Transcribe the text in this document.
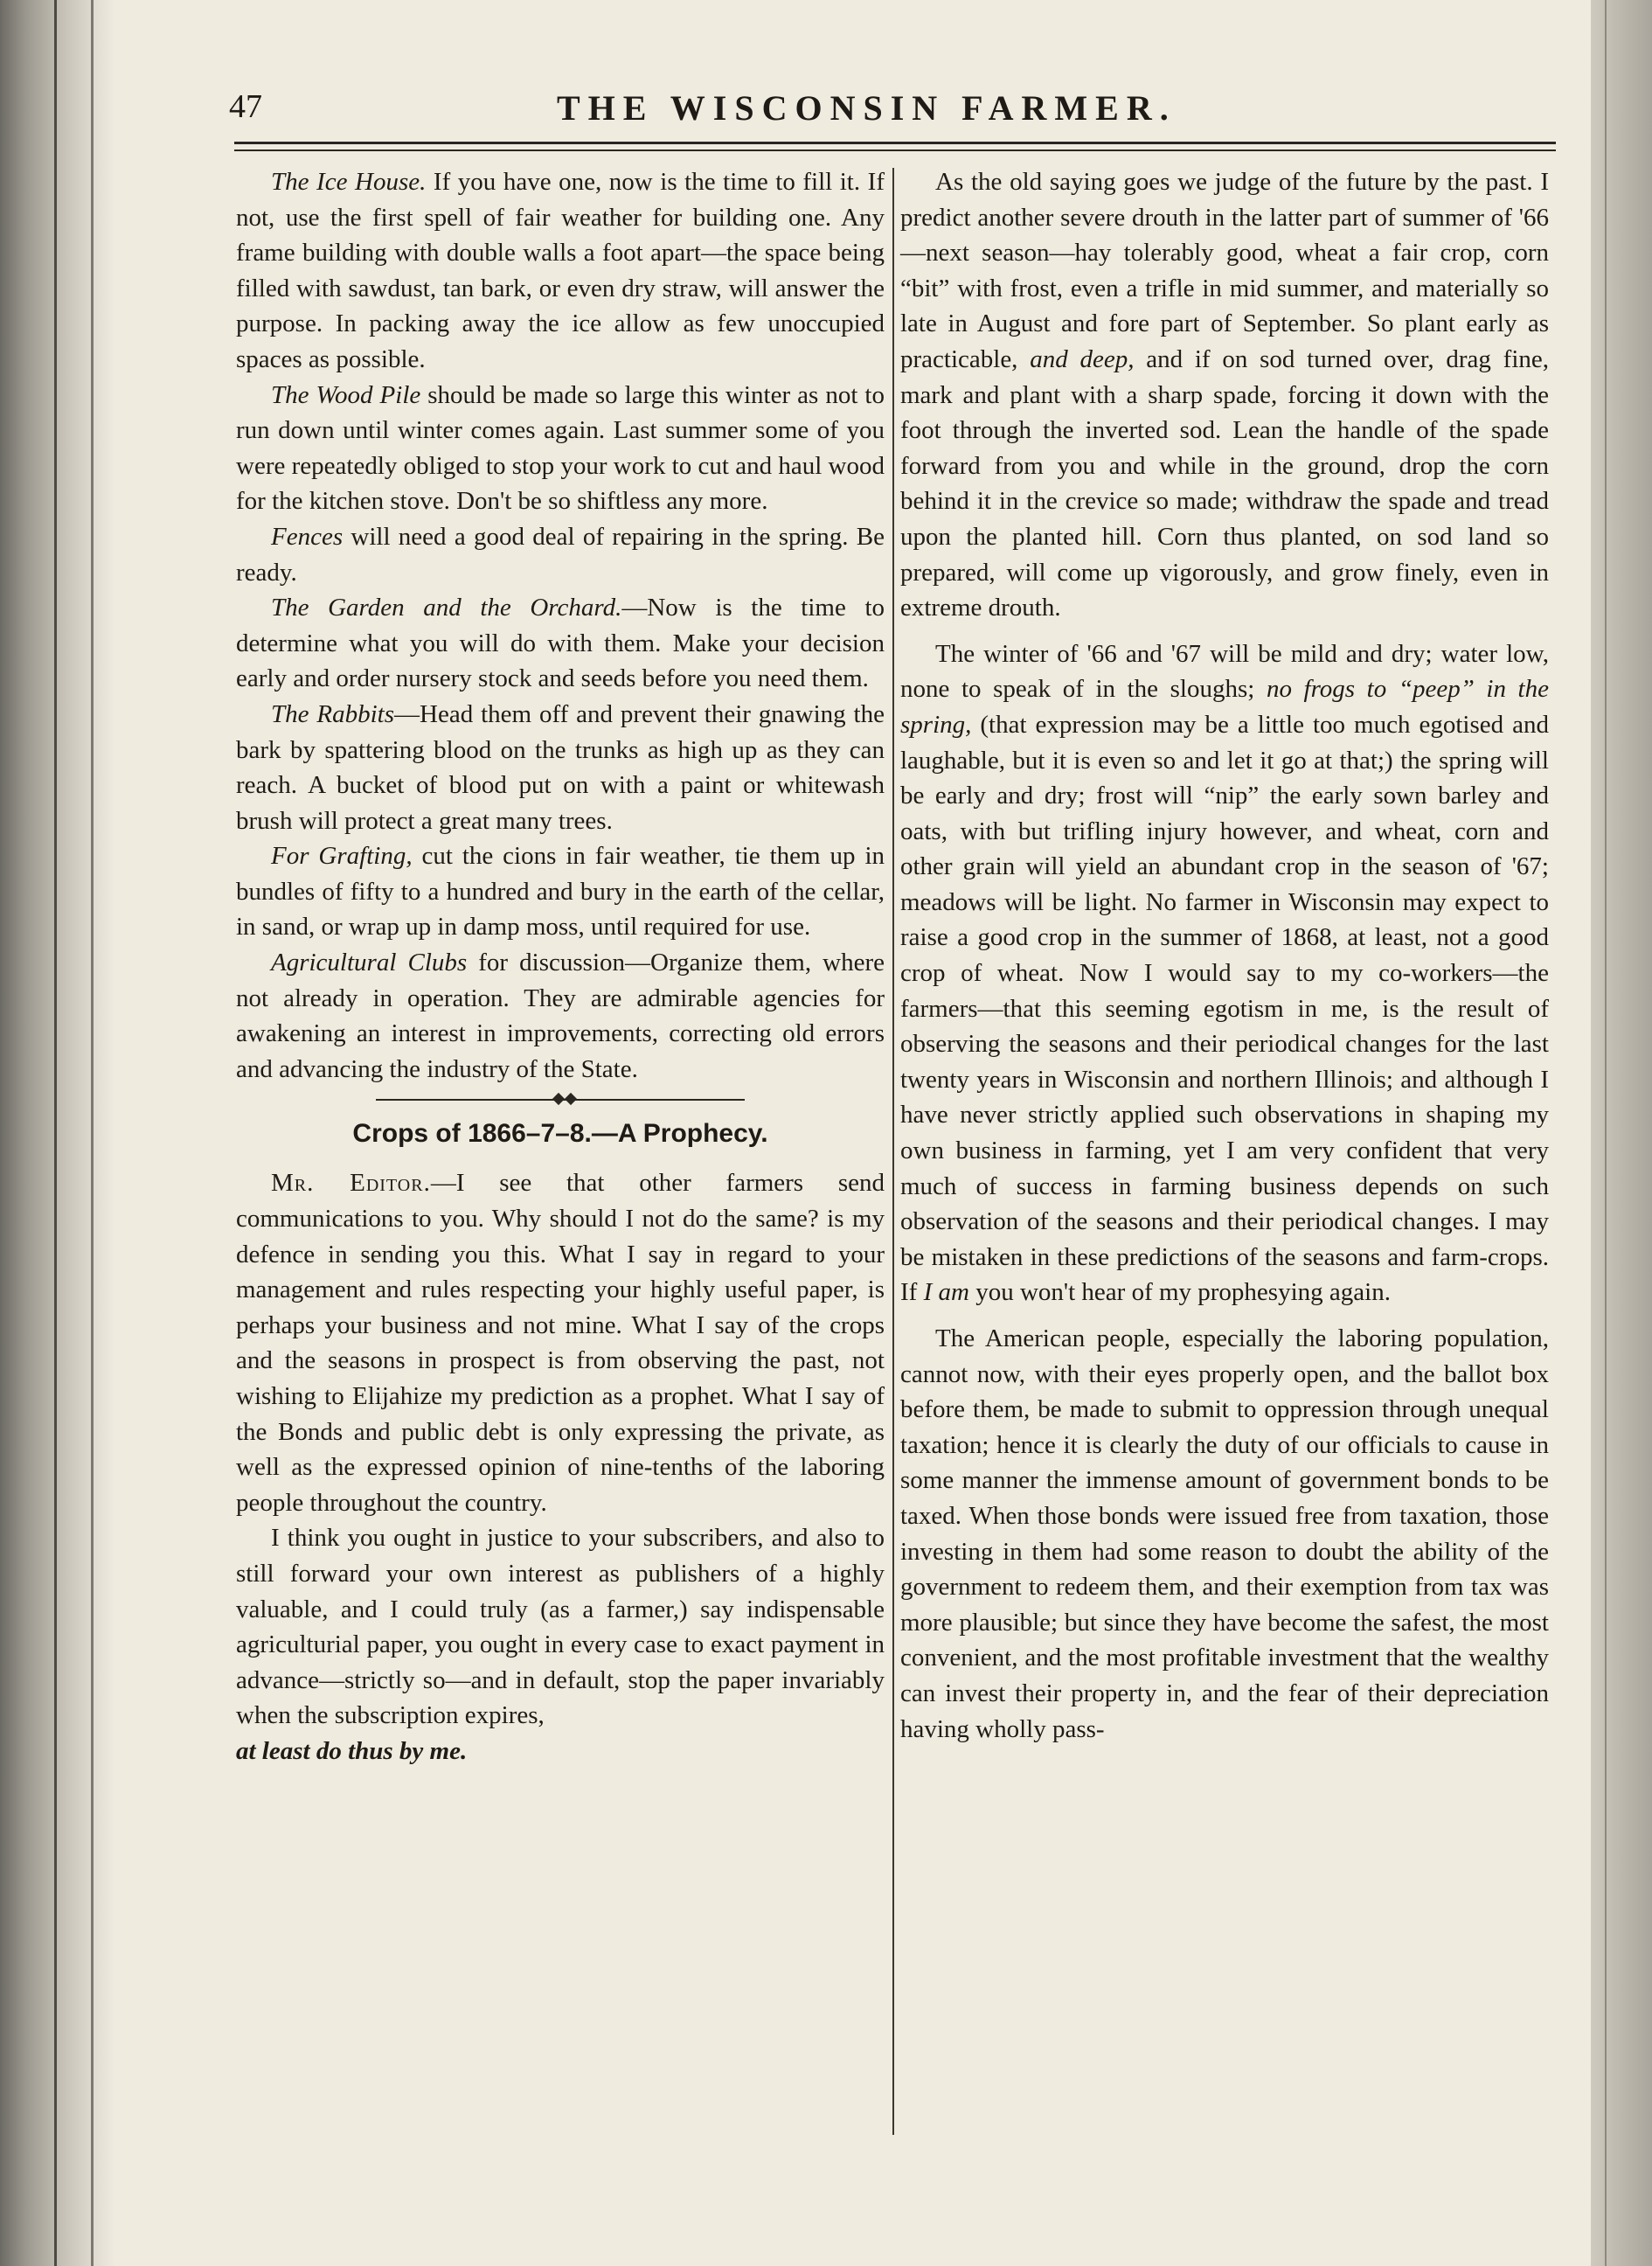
47	THE WISCONSIN FARMER.

The Ice House. If you have one, now is the time to fill it. If not, use the first spell of fair weather for building one. Any frame building with double walls a foot apart—the space being filled with sawdust, tan bark, or even dry straw, will answer the purpose. In packing away the ice allow as few unoccupied spaces as possible.

The Wood Pile should be made so large this winter as not to run down until winter comes again. Last summer some of you were repeatedly obliged to stop your work to cut and haul wood for the kitchen stove. Don't be so shiftless any more.

Fences will need a good deal of repairing in the spring. Be ready.

The Garden and the Orchard.—Now is the time to determine what you will do with them. Make your decision early and order nursery stock and seeds before you need them.

The Rabbits—Head them off and prevent their gnawing the bark by spattering blood on the trunks as high up as they can reach. A bucket of blood put on with a paint or whitewash brush will protect a great many trees.

For Grafting, cut the cions in fair weather, tie them up in bundles of fifty to a hundred and bury in the earth of the cellar, in sand, or wrap up in damp moss, until required for use.

Agricultural Clubs for discussion—Organize them, where not already in operation. They are admirable agencies for awakening an interest in improvements, correcting old errors and advancing the industry of the State.

Crops of 1866–7–8.—A Prophecy.

Mr. Editor.—I see that other farmers send communications to you. Why should I not do the same? is my defence in sending you this. What I say in regard to your management and rules respecting your highly useful paper, is perhaps your business and not mine. What I say of the crops and the seasons in prospect is from observing the past, not wishing to Elijahize my prediction as a prophet. What I say of the Bonds and public debt is only expressing the private, as well as the expressed opinion of nine-tenths of the laboring people throughout the country.

I think you ought in justice to your subscribers, and also to still forward your own interest as publishers of a highly valuable, and I could truly (as a farmer,) say indispensable agriculturial paper, you ought in every case to exact payment in advance—strictly so—and in default, stop the paper invariably when the subscription expires,
at least do thus by me.

As the old saying goes we judge of the future by the past. I predict another severe drouth in the latter part of summer of '66—next season—hay tolerably good, wheat a fair crop, corn “bit” with frost, even a trifle in mid summer, and materially so late in August and fore part of September. So plant early as practicable, and deep, and if on sod turned over, drag fine, mark and plant with a sharp spade, forcing it down with the foot through the inverted sod. Lean the handle of the spade forward from you and while in the ground, drop the corn behind it in the crevice so made; withdraw the spade and tread upon the planted hill. Corn thus planted, on sod land so prepared, will come up vigorously, and grow finely, even in extreme drouth.

The winter of '66 and '67 will be mild and dry; water low, none to speak of in the sloughs; no frogs to “peep” in the spring, (that expression may be a little too much egotised and laughable, but it is even so and let it go at that;) the spring will be early and dry; frost will “nip” the early sown barley and oats, with but trifling injury however, and wheat, corn and other grain will yield an abundant crop in the season of '67; meadows will be light. No farmer in Wisconsin may expect to raise a good crop in the summer of 1868, at least, not a good crop of wheat. Now I would say to my co-workers—the farmers—that this seeming egotism in me, is the result of observing the seasons and their periodical changes for the last twenty years in Wisconsin and northern Illinois; and although I have never strictly applied such observations in shaping my own business in farming, yet I am very confident that very much of success in farming business depends on such observation of the seasons and their periodical changes. I may be mistaken in these predictions of the seasons and farm-crops. If I am you won't hear of my prophesying again.

The American people, especially the laboring population, cannot now, with their eyes properly open, and the ballot box before them, be made to submit to oppression through unequal taxation; hence it is clearly the duty of our officials to cause in some manner the immense amount of government bonds to be taxed. When those bonds were issued free from taxation, those investing in them had some reason to doubt the ability of the government to redeem them, and their exemption from tax was more plausible; but since they have become the safest, the most convenient, and the most profitable investment that the wealthy can invest their property in, and the fear of their depreciation having wholly pass-
